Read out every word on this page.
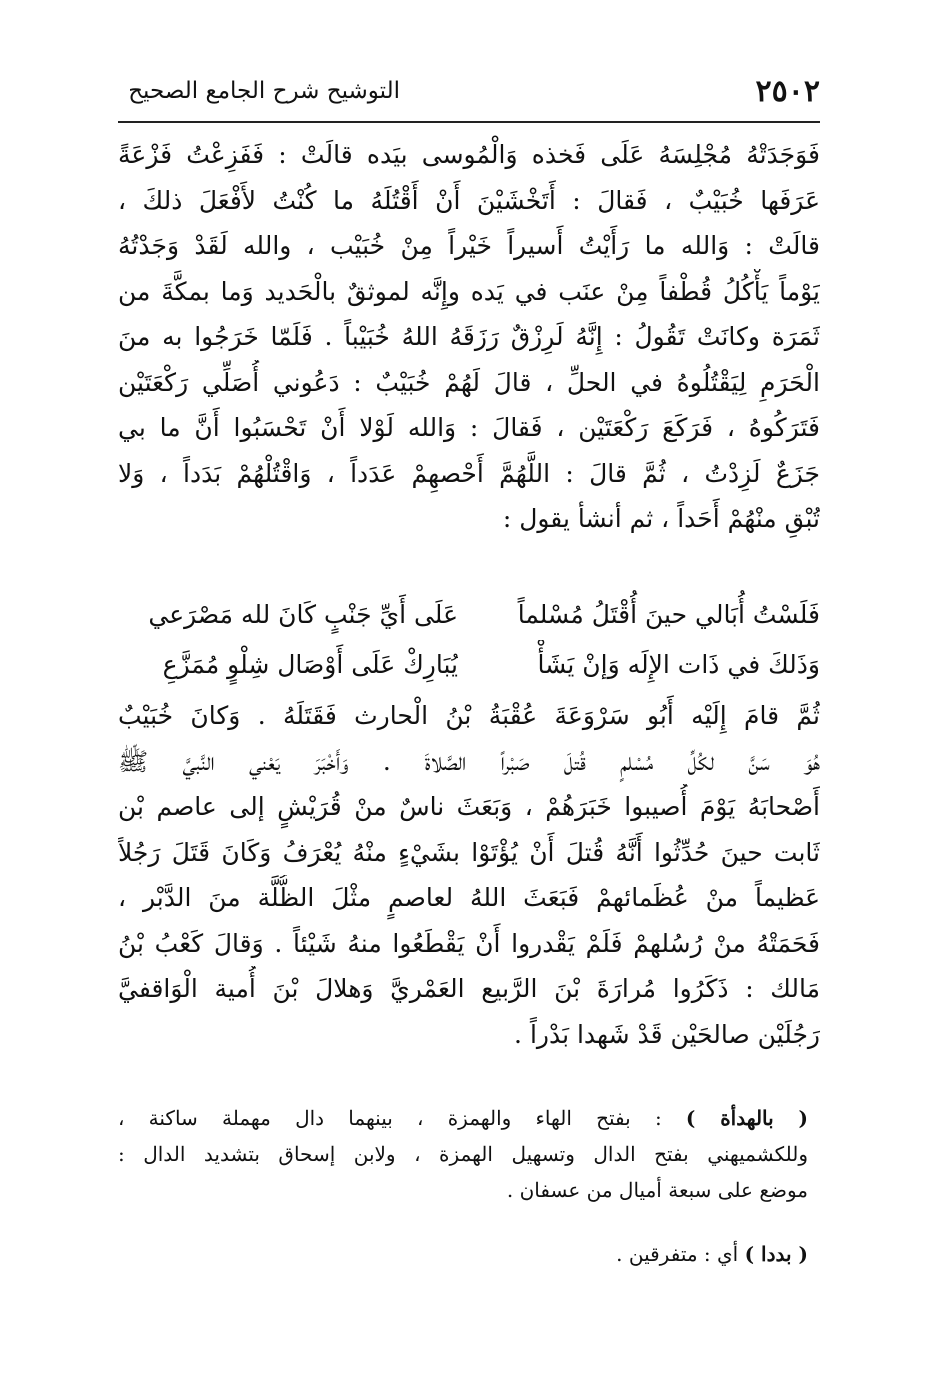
٢٥٠٢
التوشيح شرح الجامع الصحيح
فَوَجَدَتْهُ مُجْلِسَهُ عَلَى فَخذه وَالْمُوسى بيَده قالَتْ : فَفَزِعْتُ فَزْعَةً
عَرَفَها خُبَيْبٌ ، فَقالَ : أَتَخْشَيْنَ أَنْ أَقْتُلَهُ ما كُنْتُ لأَفْعَلَ ذلكَ ،
قالَتْ : وَالله ما رَأَيْتُ أَسيراً خَيْراً مِنْ خُبَيْب ، والله لَقَدْ وَجَدْتُهُ
يَوْماً يَأْكُلُ قُطْفاً مِنْ عنَب في يَده وإِنَّه لموثقٌ بالْحَديد وَما بمكَّةَ من
ثَمَرَة وكانَتْ تَقُولُ : إِنَّهُ لَرِزْقٌ رَزَقَهُ اللهُ خُبَيْباً . فَلَمّا خَرَجُوا به منَ
الْحَرَمِ لِيَقْتُلُوهُ في الحلِّ ، قالَ لَهُمْ خُبَيْبٌ : دَعُوني أُصَلِّي رَكْعَتَيْن
فَتَرَكُوهُ ، فَرَكَعَ رَكْعَتَيْن ، فَقالَ : وَالله لَوْلا أَنْ تَحْسَبُوا أَنَّ ما بي
جَزَعٌ لَزِدْتُ ، ثُمَّ قالَ : اللَّهُمَّ أَحْصهِمْ عَدَداً ، وَاقْتُلْهُمْ بَدَداً ، وَلا
تُبْقِ منْهُمْ أَحَداً ، ثم أنشأ يقول :
فَلَسْتُ أُبَالي حينَ أُقْتَلُ مُسْلماً
عَلَى أَيِّ جَنْبٍ كَانَ لله مَصْرَعي
وَذَلكَ في ذَات الإِلَه وَإنْ يَشَأْ
يُبَارِكْ عَلَى أَوْصَال شِلْوٍ مُمَزَّعِ
ثُمَّ قامَ إِلَيْه أَبُو سَرْوَعَةَ عُقْبَةُ بْنُ الْحارث فَقَتَلَهُ . وَكانَ خُبَيْبٌ
هُوَ سَنَّ لكُلِّ مُسْلمٍ قُتلَ صَبْراً الصَّلاةَ . وَأَخْبَرَ يَعْني النَّبيَّ ﷺ
أَصْحابَهُ يَوْمَ أُصيبوا خَبَرَهُمْ ، وَبَعَثَ ناسٌ منْ قُرَيْشٍ إلى عاصم بْن
ثَابت حينَ حُدِّثُوا أَنَّهُ قُتلَ أَنْ يُؤْتَوْا بشَيْءٍ منْهُ يُعْرَفُ وَكَانَ قَتَلَ رَجُلاً
عَظيماً منْ عُظَمائهمْ فَبَعَثَ اللهُ لعاصمٍ مثْلَ الظُّلَّة منَ الدَّبْر ،
فَحَمَتْهُ منْ رُسُلهمْ فَلَمْ يَقْدروا أَنْ يَقْطَعُوا منهُ شَيْئاً . وَقالَ كَعْبُ بْنُ
مَالك : ذَكَرُوا مُرارَةَ بْنَ الرَّبيع العَمْريَّ وَهلالَ بْنَ أُمية الْوَاقفيَّ
رَجُلَيْن صالحَيْن قَدْ شَهدا بَدْراً .
( بالهدأة ) : بفتح الهاء والهمزة ، بينهما دال مهملة ساكنة ،
وللكشميهني بفتح الدال وتسهيل الهمزة ، ولابن إسحاق بتشديد الدال :
موضع على سبعة أميال من عسفان .
( بددا ) أي : متفرقين .
